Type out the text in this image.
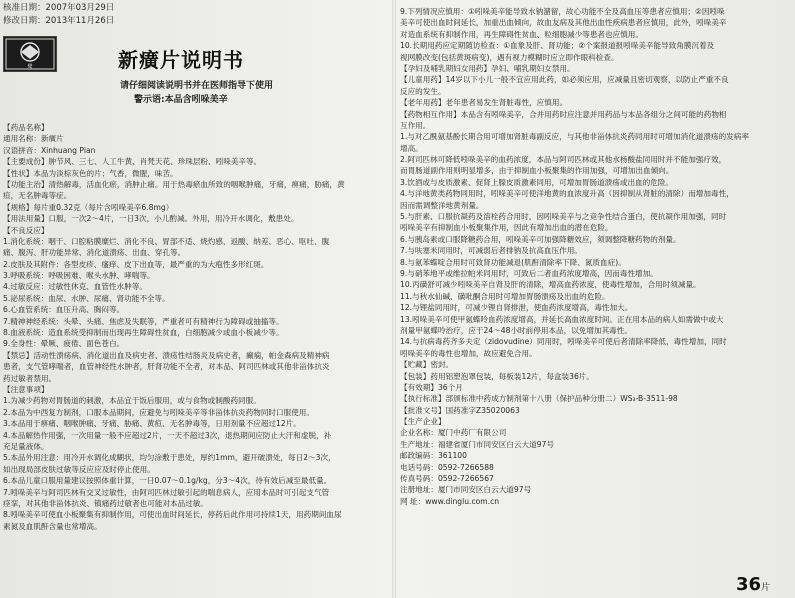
核准日期：2007年03月29日
修改日期：2013年11月26日
鹭	新癀片说明书
请仔细阅读说明书并在医师指导下使用
警示语:本品含吲哚美辛
【药品名称】
通用名称：新癀片
汉语拼音：Xinhuang Pian
【主要成份】肿节风、三七、人工牛黄、肖梵天花、珍珠层粉、吲哚美辛等。
【性状】本品为淡棕灰色的片；气香，微腥，味苦。
【功能主治】清热解毒，活血化瘀，消肿止痛。用于热毒瘀血所致的咽喉肿痛，牙痛，痹痛，胁痛，黄
疸，无名肿毒等症。
【规格】每片重0.32克（每片含吲哚美辛6.8mg）
【用法用量】口服，一次2～4片，一日3次，小儿酌减。外用，用冷开水调化，敷患处。
【不良反应】
1.消化系统：咽干、口腔粘膜糜烂、消化不良、胃部不适、烧灼感、返酸、纳差、恶心、呕吐、腹
痛、腹泻、肝功能异常、消化道溃疡、出血、穿孔等。
2.皮肤及其附件：各型皮疹、瘙痒、皮下出血等，最严重的为大疱性多形红斑。
3.呼吸系统：呼吸困难、喉头水肿、哮喘等。
4.过敏反应：过敏性休克、血管性水肿等。
5.泌尿系统：血尿、水肿、尿痛、肾功能不全等。
6.心血管系统：血压升高、胸闷等。
7.精神神经系统：头晕、头痛、焦虑及失眠等，严重者可有精神行为障碍或抽搐等。
8.血液系统：造血系统受抑制而出现再生障碍性贫血，白细胞减少或血小板减少等。
9.全身性：晕厥、疲倦、面色苍白。
【禁忌】活动性溃疡病、消化道出血及病史者、溃疡性结肠炎及病史者，癫痫，帕金森病及精神病
患者，支气管哮喘者，血管神经性水肿者，肝肾功能不全者，对本品、阿司匹林或其他非甾体抗炎
药过敏者禁用。
【注意事项】
1.为减少药物对胃肠道的刺激，本品宜于饭后服用，或与食物或制酸药同服。
2.本品为中西复方制剂，口服本品期间，应避免与吲哚美辛等非甾体抗炎药物同时口服使用。
3.本品用于痹痛、咽喉肿痛、牙痛、胁痛、黄疸、无名肿毒等，日用剂量不应超过12片。
4.本品解热作用强，一次用量一般不应超过2片，一天不超过3次，退热期间应防止大汗和虚脱，补
充足量液体。
5.本品外用注意：用冷开水调化成糊状，均匀涂敷于患处，厚约1mm，避开破溃处，每日2～3次，
如出现局部皮肤过敏等反应应及时停止使用。
6.本品儿童口服用量建议按照体重计算，一日0.07～0.1g/kg，分3～4次，待有效后减至最低量。
7.吲哚美辛与阿司匹林有交叉过敏性，由阿司匹林过敏引起的喘息病人，应用本品时可引起支气管
痉挛，对其他非甾体抗炎、镇痛药过敏者也可能对本品过敏。
8.吲哚美辛可使血小板聚集有抑制作用，可使出血时间延长，停药后此作用可持续1天，用药期间血尿
素氮及血肌酐含量也常增高。
9.下列情况应慎用：①吲哚美辛能导致水钠潴留，故心功能不全及高血压等患者应慎用；②因吲哚
美辛可使出血时间延长，加重出血倾向，故血友病及其他出血性疾病患者应慎用，此外，吲哚美辛
对造血系统有抑制作用，再生障碍性贫血、粒细胞减少等患者也应慎用。
10.长期用药应定期随访检查：①血象及肝、肾功能；②个案报道报吲哚美辛能导致角膜沉着及
视网膜改变(包括黄斑病变)，遇有视力模糊时应立即作眼科检查。
【孕妇及哺乳期妇女用药】孕妇、哺乳期妇女禁用。
【儿童用药】14岁以下小儿一般不宜应用此药，如必须应用，应减量且密切观察，以防止严重不良
反应的发生。
【老年用药】老年患者易发生肾脏毒性，应慎用。
【药物相互作用】本品含有吲哚美辛，合并用药时应注意并用药品与本品各组分之间可能的药物相
互作用。
1.与对乙酰氨基酚长期合用可增加肾脏毒副反应，与其他非甾体抗炎药同用时可增加消化道溃疡的发病率
增高。
2.阿司匹林可降低吲哚美辛的血药浓度，本品与阿司匹林或其他水杨酸盐同用时并不能加强疗效，
而胃肠道副作用则明显增多，由于抑制血小板聚集的作用加强，可增加出血倾向。
3.饮酒或与皮质激素、促肾上腺皮质激素同用，可增加胃肠道溃疡或出血的危险。
4.与洋地黄类药物同用时，吲哚美辛可使洋地黄的血浓度升高（因抑制从肾脏的清除）而增加毒性，
因而需调整洋地黄剂量。
5.与肝素、口服抗凝药及溶栓药合用时，因吲哚美辛与之竞争性结合蛋白，使抗凝作用加强，同时
吲哚美辛有抑制血小板聚集作用，因此有增加出血的潜在危险。
6.与胰岛素或口服降糖药合用，吲哚美辛可加强降糖效应，须调整降糖药物的剂量。
7.与呋塞米同用时，可减弱后者排钠及抗高血压作用。
8.与氨苯蝶啶合用时可致肾功能减退(肌酐清除率下降、氮质血症)。
9.与硝苯地平或维拉帕米同用时，可致后二者血药浓度增高，因而毒性增加。
10.丙磺舒可减少吲哚美辛自肾及肝的清除，增高血药浓度，使毒性增加，合用时须减量。
11.与秋水仙碱、磺吡酮合用时可增加胃肠溃疡及出血的危险。
12.与锂盐同用时，可减少锂自肾排泄，使血药浓度增高，毒性加大。
13.吲哚美辛可使甲氨蝶呤血药浓度增高，并延长高血浓度时间。正在用本品的病人如需做中或大
剂量甲氨蝶呤治疗，应于24～48小时前停用本品，以免增加其毒性。
14.与抗病毒药齐多夫定（zidovudine）同用时，吲哚美辛可使后者清除率降低，毒性增加，同时
吲哚美辛的毒性也增加，故应避免合用。
【贮藏】密封。
【包装】药用铝塑泡罩包装，每板装12片，每盒装36片。
【有效期】36个月
【执行标准】部颁标准中药成方制剂第十八册（保护品种分册二）WS₃-B-3511-98
【批准文号】国药准字Z35020063
【生产企业】
企业名称：厦门中药厂有限公司
生产地址：福建省厦门市同安区白云大道97号
邮政编码：361100
电话号码：0592-7266588
传真号码：0592-7266567
注册地址：厦门市同安区白云大道97号
网 址：www.dinglu.com.cn
36片
